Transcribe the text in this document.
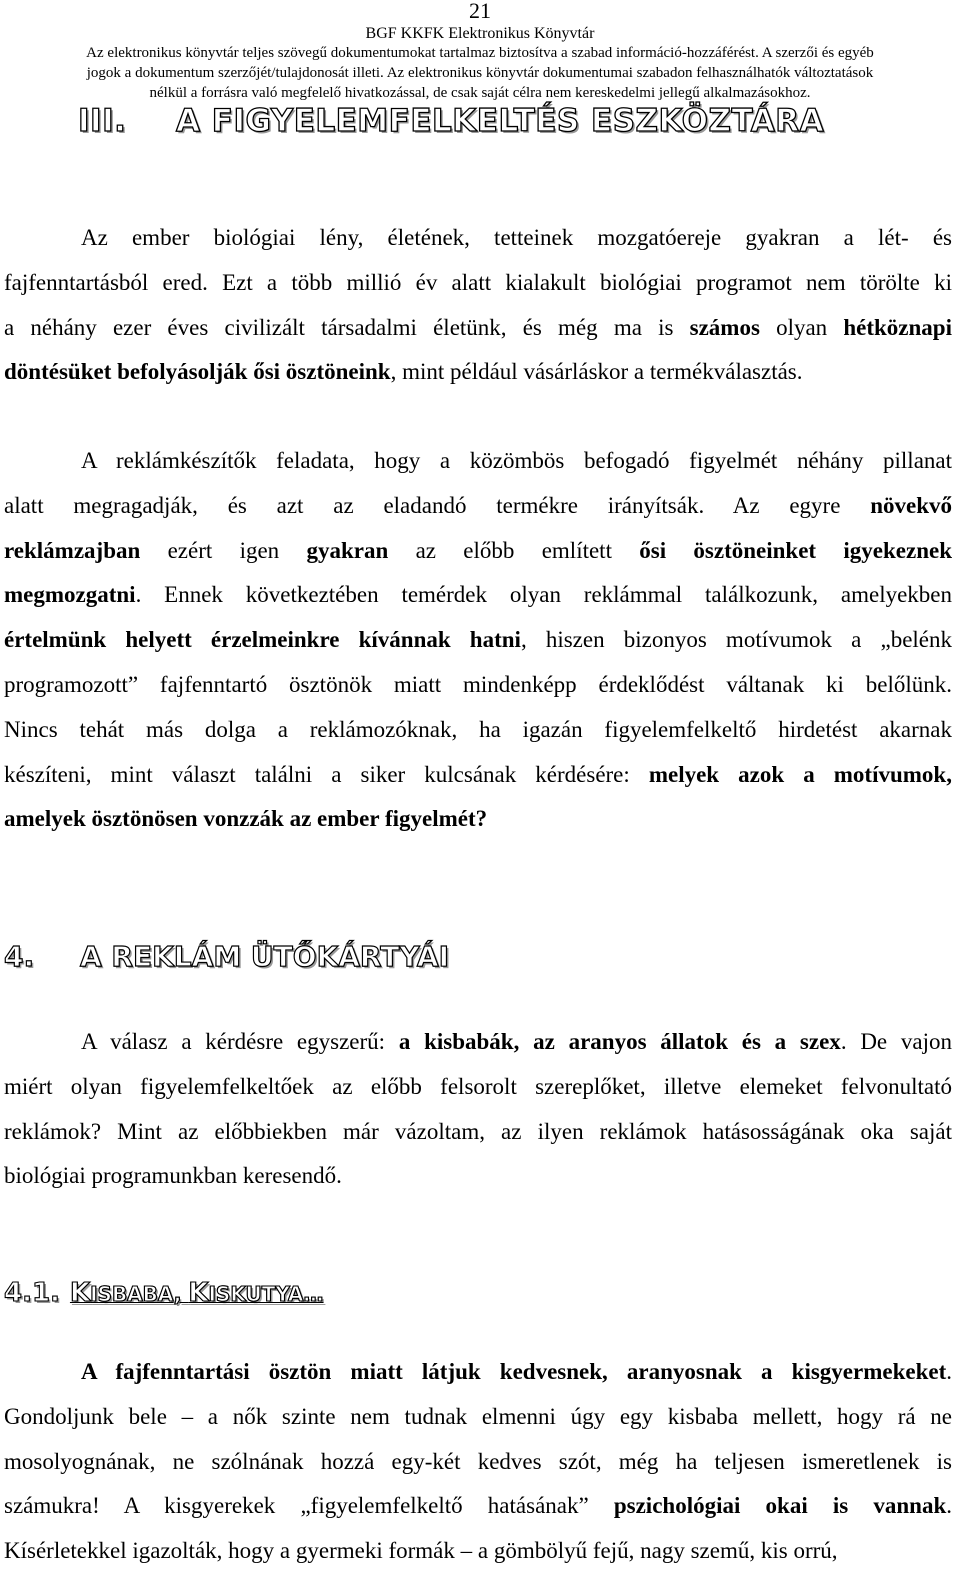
21
BGF KKFK Elektronikus Könyvtár
Az elektronikus könyvtár teljes szövegű dokumentumokat tartalmaz biztosítva a szabad információ-hozzáférést. A szerzői és egyéb
jogok a dokumentum szerzőjét/tulajdonosát illeti. Az elektronikus könyvtár dokumentumai szabadon felhasználhatók változtatások
nélkül a forrásra való megfelelő hivatkozással, de csak saját célra nem kereskedelmi jellegű alkalmazásokhoz.
III. A FIGYELEMFELKELTÉS ESZKÖZTÁRA
Az ember biológiai lény, életének, tetteinek mozgatóereje gyakran a lét- és
fajfenntartásból ered. Ezt a több millió év alatt kialakult biológiai programot nem törölte ki
a néhány ezer éves civilizált társadalmi életünk, és még ma is számos olyan hétköznapi
döntésüket befolyásolják ősi ösztöneink, mint például vásárláskor a termékválasztás.
A reklámkészítők feladata, hogy a közömbös befogadó figyelmét néhány pillanat
alatt megragadják, és azt az eladandó termékre irányítsák. Az egyre növekvő
reklámzajban ezért igen gyakran az előbb említett ősi ösztöneinket igyekeznek
megmozgatni. Ennek következtében temérdek olyan reklámmal találkozunk, amelyekben
értelmünk helyett érzelmeinkre kívánnak hatni, hiszen bizonyos motívumok a „belénk
programozott” fajfenntartó ösztönök miatt mindenképp érdeklődést váltanak ki belőlünk.
Nincs tehát más dolga a reklámozóknak, ha igazán figyelemfelkeltő hirdetést akarnak
készíteni, mint választ találni a siker kulcsának kérdésére: melyek azok a motívumok,
amelyek ösztönösen vonzzák az ember figyelmét?
4. A REKLÁM ÜTŐKÁRTYÁI
A válasz a kérdésre egyszerű: a kisbabák, az aranyos állatok és a szex. De vajon
miért olyan figyelemfelkeltőek az előbb felsorolt szereplőket, illetve elemeket felvonultató
reklámok? Mint az előbbiekben már vázoltam, az ilyen reklámok hatásosságának oka saját
biológiai programunkban keresendő.
4.1. KISBABA, KISKUTYA…
A fajfenntartási ösztön miatt látjuk kedvesnek, aranyosnak a kisgyermekeket.
Gondoljunk bele – a nők szinte nem tudnak elmenni úgy egy kisbaba mellett, hogy rá ne
mosolyognának, ne szólnának hozzá egy-két kedves szót, még ha teljesen ismeretlenek is
számukra! A kisgyerekek „figyelemfelkeltő hatásának” pszichológiai okai is vannak.
Kísérletekkel igazolták, hogy a gyermeki formák – a gömbölyű fejű, nagy szemű, kis orrú,
